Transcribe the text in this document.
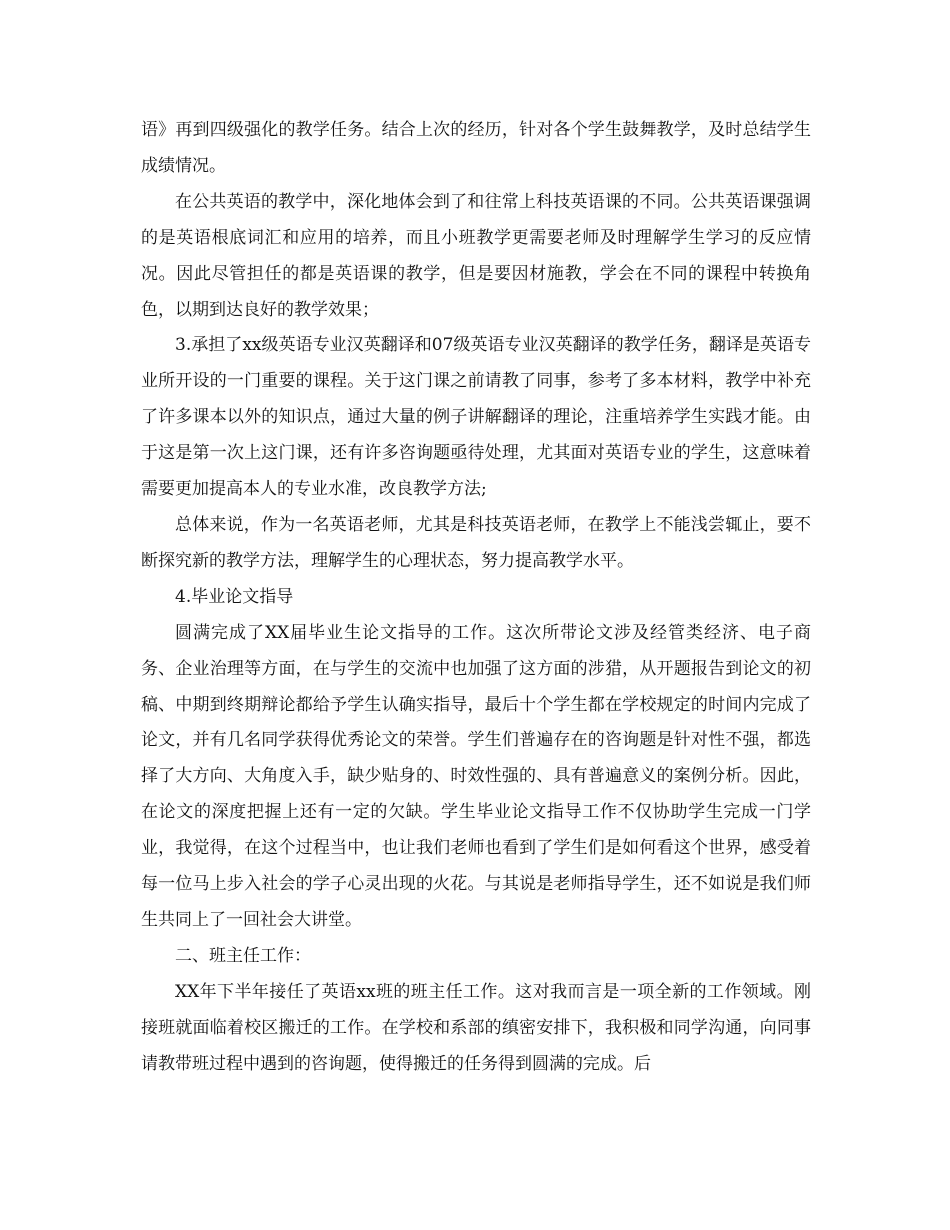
语》再到四级强化的教学任务。结合上次的经历，针对各个学生鼓舞教学，及时总结学生成绩情况。

在公共英语的教学中，深化地体会到了和往常上科技英语课的不同。公共英语课强调的是英语根底词汇和应用的培养，而且小班教学更需要老师及时理解学生学习的反应情况。因此尽管担任的都是英语课的教学，但是要因材施教，学会在不同的课程中转换角色，以期到达良好的教学效果；

3.承担了xx级英语专业汉英翻译和07级英语专业汉英翻译的教学任务，翻译是英语专业所开设的一门重要的课程。关于这门课之前请教了同事，参考了多本材料，教学中补充了许多课本以外的知识点，通过大量的例子讲解翻译的理论，注重培养学生实践才能。由于这是第一次上这门课，还有许多咨询题亟待处理，尤其面对英语专业的学生，这意味着需要更加提高本人的专业水准，改良教学方法;

总体来说，作为一名英语老师，尤其是科技英语老师，在教学上不能浅尝辄止，要不断探究新的教学方法，理解学生的心理状态，努力提高教学水平。

4.毕业论文指导

圆满完成了XX届毕业生论文指导的工作。这次所带论文涉及经管类经济、电子商务、企业治理等方面，在与学生的交流中也加强了这方面的涉猎，从开题报告到论文的初稿、中期到终期辩论都给予学生认确实指导，最后十个学生都在学校规定的时间内完成了论文，并有几名同学获得优秀论文的荣誉。学生们普遍存在的咨询题是针对性不强，都选择了大方向、大角度入手，缺少贴身的、时效性强的、具有普遍意义的案例分析。因此，在论文的深度把握上还有一定的欠缺。学生毕业论文指导工作不仅协助学生完成一门学业，我觉得，在这个过程当中，也让我们老师也看到了学生们是如何看这个世界，感受着每一位马上步入社会的学子心灵出现的火花。与其说是老师指导学生，还不如说是我们师生共同上了一回社会大讲堂。

二、班主任工作：

XX年下半年接任了英语xx班的班主任工作。这对我而言是一项全新的工作领域。刚接班就面临着校区搬迁的工作。在学校和系部的缜密安排下，我积极和同学沟通，向同事请教带班过程中遇到的咨询题，使得搬迁的任务得到圆满的完成。后
